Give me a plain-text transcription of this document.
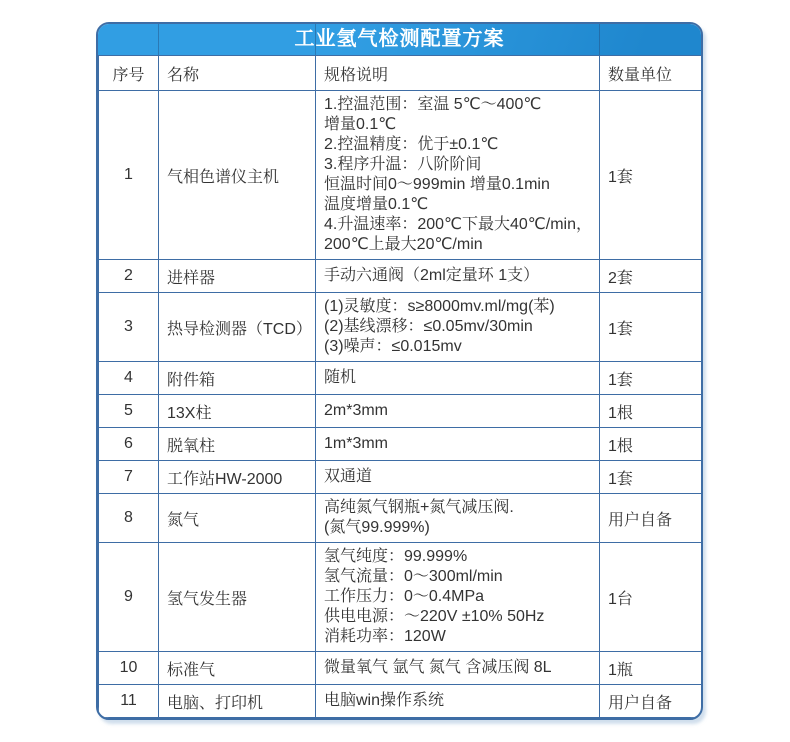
工业氢气检测配置方案
序号	名称	规格说明	数量单位
1	气相色谱仪主机	
1.控温范围：室温 5℃～400℃
增量0.1℃
2.控温精度：优于±0.1℃
3.程序升温：八阶阶间
恒温时间0～999min 增量0.1min
温度增量0.1℃
4.升温速率：200℃下最大40℃/min，
200℃上最大20℃/min
	1套
2	进样器	手动六通阀（2ml定量环 1支）	2套
3	热导检测器（TCD）	(1)灵敏度：s≥8000mv.ml/mg(苯)
(2)基线漂移：≤0.05mv/30min
(3)噪声：≤0.015mv	1套
4	附件箱	随机	1套
5	13X柱	2m*3mm	1根
6	脱氧柱	1m*3mm	1根
7	工作站HW-2000	双通道	1套
8	氮气	高纯氮气钢瓶+氮气减压阀.
(氮气99.999%)	用户自备
9	氢气发生器	氢气纯度：99.999%
氢气流量：0～300ml/min
工作压力：0～0.4MPa
供电电源：～220V ±10% 50Hz
消耗功率：120W	1台
10	标准气	微量氧气 氩气 氮气 含减压阀 8L	1瓶
11	电脑、打印机	电脑win操作系统	用户自备
